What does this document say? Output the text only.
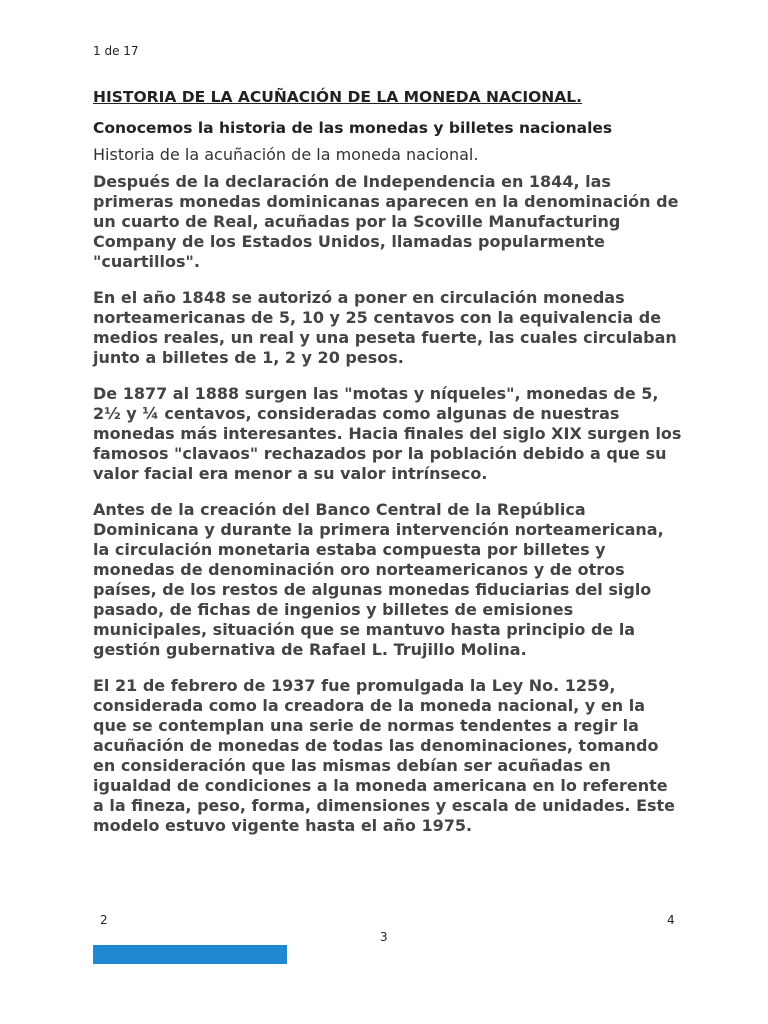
1 de 17
HISTORIA DE LA ACUÑACIÓN DE LA MONEDA NACIONAL.
Conocemos la historia de las monedas y billetes nacionales

Historia de la acuñación de la moneda nacional.

Después de la declaración de Independencia en 1844, las primeras monedas dominicanas aparecen en la denominación de un cuarto de Real, acuñadas por la Scoville Manufacturing Company de los Estados Unidos, llamadas popularmente "cuartillos".

En el año 1848 se autorizó a poner en circulación monedas norteamericanas de 5, 10 y 25 centavos con la equivalencia de medios reales, un real y una peseta fuerte, las cuales circulaban junto a billetes de 1, 2 y 20 pesos.

De 1877 al 1888 surgen las "motas y níqueles", monedas de 5, 2½ y ¼ centavos, consideradas como algunas de nuestras monedas más interesantes. Hacia finales del siglo XIX surgen los famosos "clavaos" rechazados por la población debido a que su valor facial era menor a su valor intrínseco.

Antes de la creación del Banco Central de la República Dominicana y durante la primera intervención norteamericana, la circulación monetaria estaba compuesta por billetes y monedas de denominación oro norteamericanos y de otros países, de los restos de algunas monedas fiduciarias del siglo pasado, de fichas de ingenios y billetes de emisiones municipales, situación que se mantuvo hasta principio de la gestión gubernativa de Rafael L. Trujillo Molina.

El 21 de febrero de 1937 fue promulgada la Ley No. 1259, considerada como la creadora de la moneda nacional, y en la que se contemplan una serie de normas tendentes a regir la acuñación de monedas de todas las denominaciones, tomando en consideración que las mismas debían ser acuñadas en igualdad de condiciones a la moneda americana en lo referente a la fineza, peso, forma, dimensiones y escala de unidades. Este modelo estuvo vigente hasta el año 1975.

2
3
4
